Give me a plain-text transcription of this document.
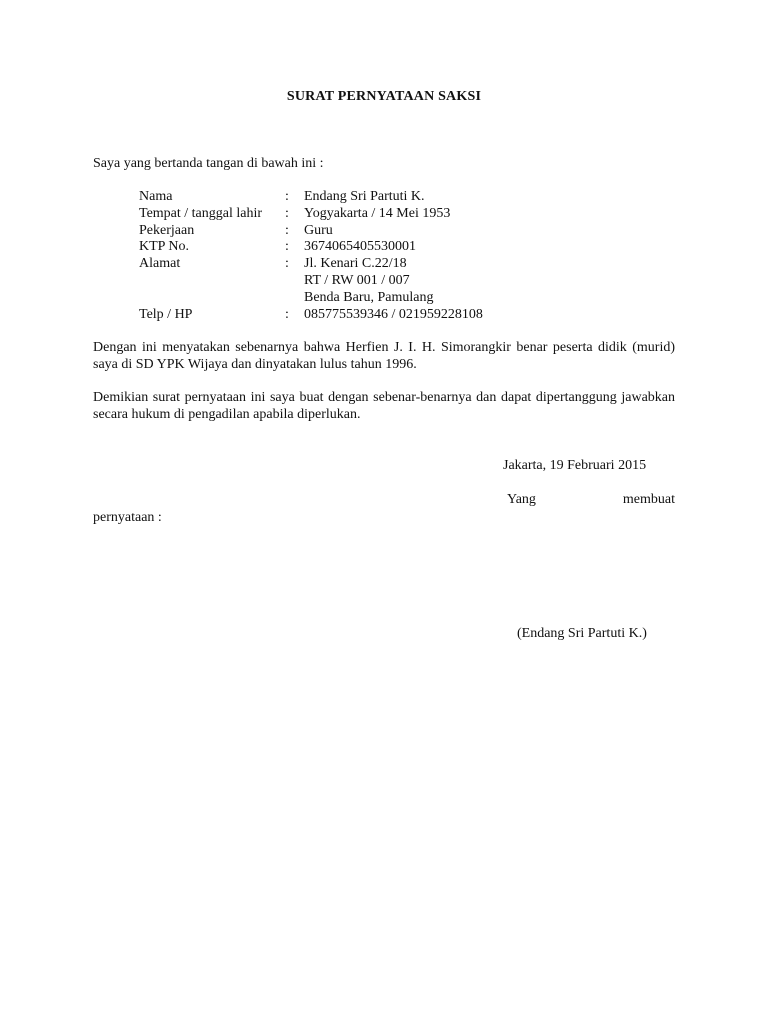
SURAT PERNYATAAN SAKSI
Saya yang bertanda tangan di bawah ini :
Nama	: Endang Sri Partuti K.
Tempat / tanggal lahir : Yogyakarta / 14 Mei 1953
Pekerjaan	: Guru
KTP No.	: 3674065405530001
Alamat	: Jl. Kenari C.22/18
RT / RW 001 / 007
Benda Baru, Pamulang
Telp / HP	: 085775539346 / 021959228108
Dengan ini menyatakan sebenarnya bahwa Herfien J. I. H. Simorangkir benar peserta didik (murid) saya di SD YPK Wijaya dan dinyatakan lulus tahun 1996.
Demikian surat pernyataan ini saya buat dengan sebenar-benarnya dan dapat dipertanggung jawabkan secara hukum di pengadilan apabila diperlukan.
Jakarta, 19 Februari 2015
Yang membuat
pernyataan :
(Endang Sri Partuti K.)
